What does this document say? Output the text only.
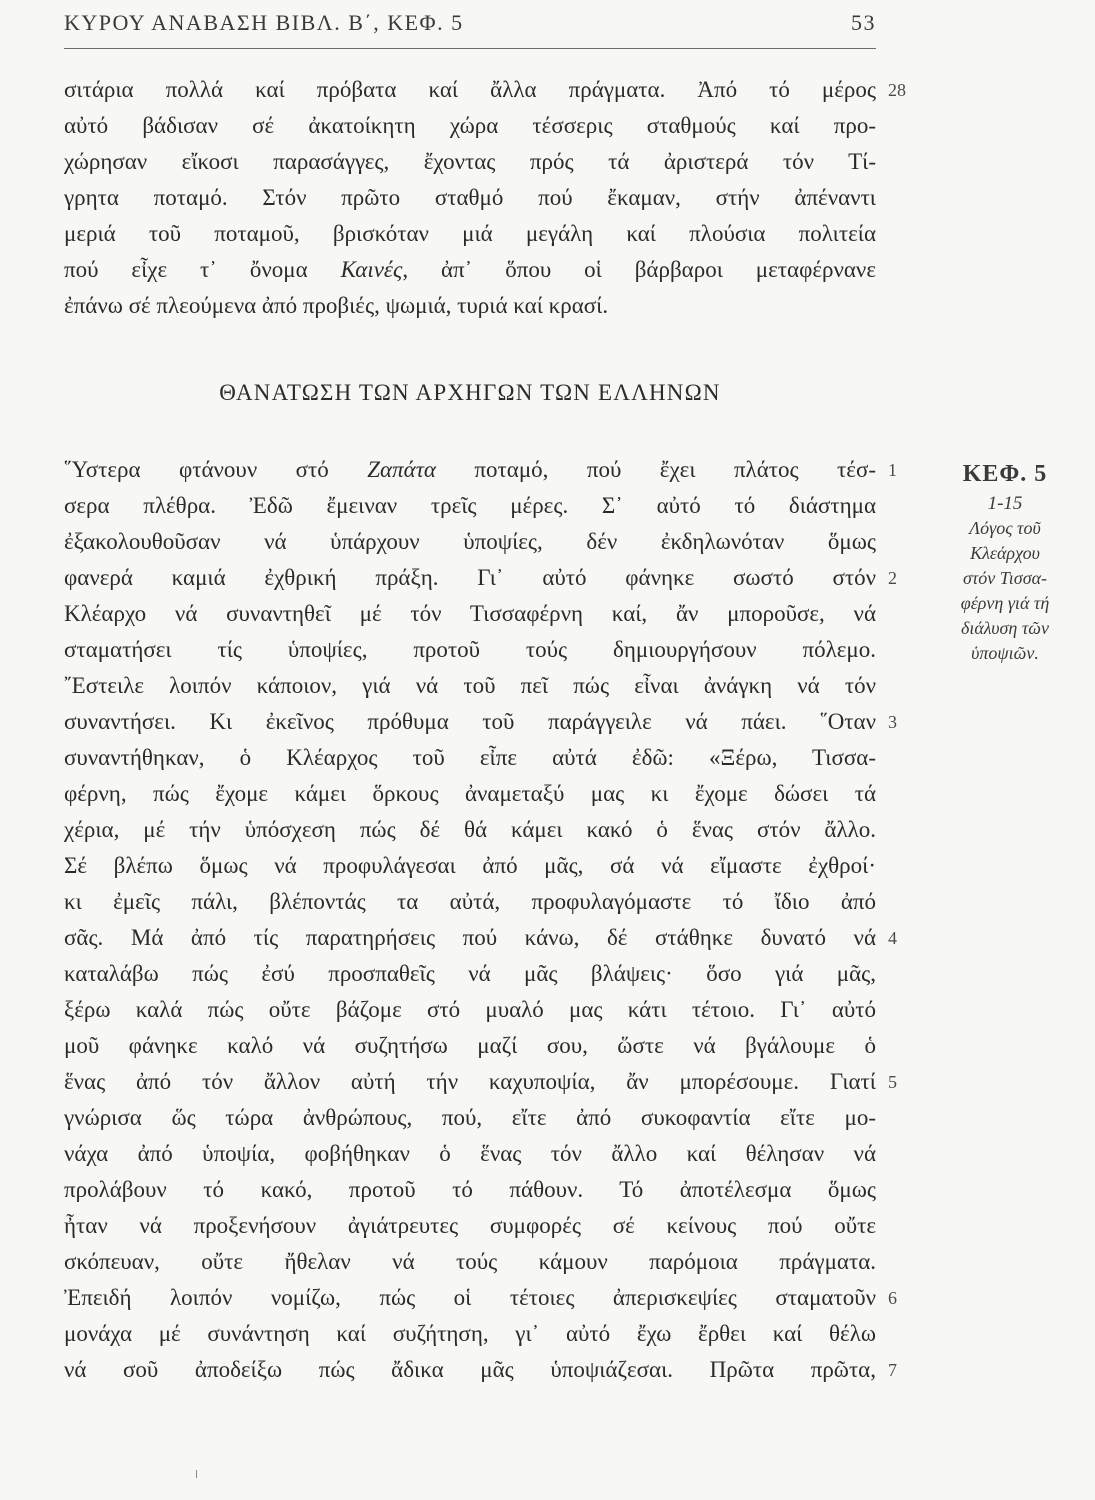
ΚΥΡΟΥ ΑΝΑΒΑΣΗ ΒΙΒΛ. Β΄, ΚΕΦ. 5	53
σιτάρια πολλά καί πρόβατα καί ἄλλα πράγματα. Ἀπό τό μέρος
αὐτό βάδισαν σέ ἀκατοίκητη χώρα τέσσερις σταθμούς καί προ-
χώρησαν εἴκοσι παρασάγγες, ἔχοντας πρός τά ἀριστερά τόν Τί-
γρητα ποταμό. Στόν πρῶτο σταθμό πού ἔκαμαν, στήν ἀπέναντι
μεριά τοῦ ποταμοῦ, βρισκόταν μιά μεγάλη καί πλούσια πολιτεία
πού εἶχε τ᾽ ὄνομα Καινές, ἀπ᾽ ὅπου οἱ βάρβαροι μεταφέρνανε
ἐπάνω σέ πλεούμενα ἀπό προβιές, ψωμιά, τυριά καί κρασί.
28
ΘΑΝΑΤΩΣΗ ΤΩΝ ΑΡΧΗΓΩΝ ΤΩΝ ΕΛΛΗΝΩΝ
῞Υστερα φτάνουν στό Ζαπάτα ποταμό, πού ἔχει πλάτος τέσ-
σερα πλέθρα. Ἐδῶ ἔμειναν τρεῖς μέρες. Σ᾽ αὐτό τό διάστημα
ἐξακολουθοῦσαν νά ὑπάρχουν ὑποψίες, δέν ἐκδηλωνόταν ὅμως
φανερά καμιά ἐχθρική πράξη. Γι᾽ αὐτό φάνηκε σωστό στόν
Κλέαρχο νά συναντηθεῖ μέ τόν Τισσαφέρνη καί, ἄν μποροῦσε, νά
σταματήσει τίς ὑποψίες, προτοῦ τούς δημιουργήσουν πόλεμο.
῎Εστειλε λοιπόν κάποιον, γιά νά τοῦ πεῖ πώς εἶναι ἀνάγκη νά τόν
συναντήσει. Κι ἐκεῖνος πρόθυμα τοῦ παράγγειλε νά πάει. ῞Οταν
συναντήθηκαν, ὁ Κλέαρχος τοῦ εἶπε αὐτά ἐδῶ: «Ξέρω, Τισσα-
φέρνη, πώς ἔχομε κάμει ὅρκους ἀναμεταξύ μας κι ἔχομε δώσει τά
χέρια, μέ τήν ὑπόσχεση πώς δέ θά κάμει κακό ὁ ἕνας στόν ἄλλο.
Σέ βλέπω ὅμως νά προφυλάγεσαι ἀπό μᾶς, σά νά εἴμαστε ἐχθροί·
κι ἐμεῖς πάλι, βλέποντάς τα αὐτά, προφυλαγόμαστε τό ἴδιο ἀπό
σᾶς. Μά ἀπό τίς παρατηρήσεις πού κάνω, δέ στάθηκε δυνατό νά
καταλάβω πώς ἐσύ προσπαθεῖς νά μᾶς βλάψεις· ὅσο γιά μᾶς,
ξέρω καλά πώς οὔτε βάζομε στό μυαλό μας κάτι τέτοιο. Γι᾽ αὐτό
μοῦ φάνηκε καλό νά συζητήσω μαζί σου, ὥστε νά βγάλουμε ὁ
ἕνας ἀπό τόν ἄλλον αὐτή τήν καχυποψία, ἄν μπορέσουμε. Γιατί
γνώρισα ὥς τώρα ἀνθρώπους, πού, εἴτε ἀπό συκοφαντία εἴτε μο-
νάχα ἀπό ὑποψία, φοβήθηκαν ὁ ἕνας τόν ἄλλο καί θέλησαν νά
προλάβουν τό κακό, προτοῦ τό πάθουν. Τό ἀποτέλεσμα ὅμως
ἦταν νά προξενήσουν ἀγιάτρευτες συμφορές σέ κείνους πού οὔτε
σκόπευαν, οὔτε ἤθελαν νά τούς κάμουν παρόμοια πράγματα.
Ἐπειδή λοιπόν νομίζω, πώς οἱ τέτοιες ἀπερισκεψίες σταματοῦν
μονάχα μέ συνάντηση καί συζήτηση, γι᾽ αὐτό ἔχω ἔρθει καί θέλω
νά σοῦ ἀποδείξω πώς ἄδικα μᾶς ὑποψιάζεσαι. Πρῶτα πρῶτα,
1
2
3
4
5
6
7
ΚΕΦ. 5
1-15
Λόγος τοῦ
Κλεάρχου
στόν Τισσα-
φέρνη γιά τή
διάλυση τῶν
ὑποψιῶν.
